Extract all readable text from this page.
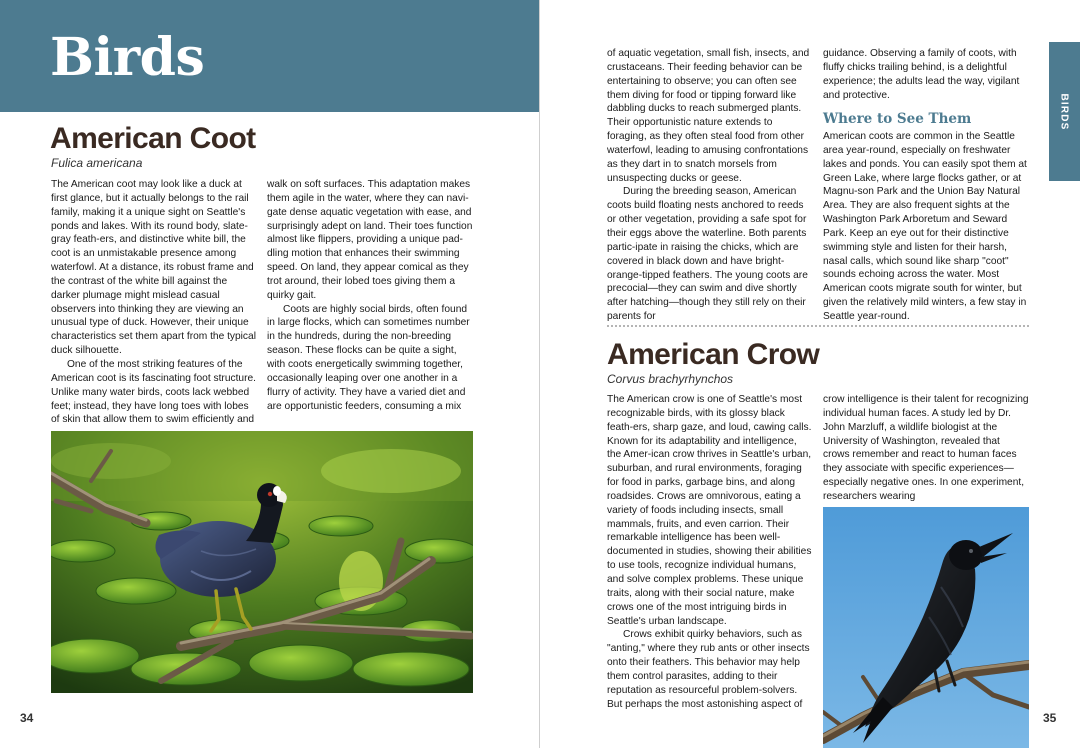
Birds
American Coot
Fulica americana

The American coot may look like a duck at first glance, but it actually belongs to the rail family, making it a unique sight on Seattle's ponds and lakes. With its round body, slate-gray feath-ers, and distinctive white bill, the coot is an unmistakable presence among waterfowl. At a distance, its robust frame and the contrast of the white bill against the darker plumage might mislead casual observers into thinking they are viewing an unusual type of duck. However, their unique characteristics set them apart from the typical duck silhouette.

One of the most striking features of the American coot is its fascinating foot structure. Unlike many water birds, coots lack webbed feet; instead, they have long toes with lobes of skin that allow them to swim efficiently and

walk on soft surfaces. This adaptation makes them agile in the water, where they can navi-gate dense aquatic vegetation with ease, and surprisingly adept on land. Their toes function almost like flippers, providing a unique pad-dling motion that enhances their swimming speed. On land, they appear comical as they trot around, their lobed toes giving them a quirky gait.

Coots are highly social birds, often found in large flocks, which can sometimes number in the hundreds, during the non-breeding season. These flocks can be quite a sight, with coots energetically swimming together, occasionally leaping over one another in a flurry of activity. They have a varied diet and are opportunistic feeders, consuming a mix

34
BIRDS

of aquatic vegetation, small fish, insects, and crustaceans. Their feeding behavior can be entertaining to observe; you can often see them diving for food or tipping forward like dabbling ducks to reach submerged plants. Their opportunistic nature extends to foraging, as they often steal food from other waterfowl, leading to amusing confrontations as they dart in to snatch morsels from unsuspecting ducks or geese.

During the breeding season, American coots build floating nests anchored to reeds or other vegetation, providing a safe spot for their eggs above the waterline. Both parents partic-ipate in raising the chicks, which are covered in black down and have bright-orange-tipped feathers. The young coots are precocial—they can swim and dive shortly after hatching—though they still rely on their parents for

guidance. Observing a family of coots, with fluffy chicks trailing behind, is a delightful experience; the adults lead the way, vigilant and protective.

Where to See Them

American coots are common in the Seattle area year-round, especially on freshwater lakes and ponds. You can easily spot them at Green Lake, where large flocks gather, or at Magnu-son Park and the Union Bay Natural Area. They are also frequent sights at the Washington Park Arboretum and Seward Park. Keep an eye out for their distinctive swimming style and listen for their harsh, nasal calls, which sound like sharp "coot" sounds echoing across the water. Most American coots migrate south for winter, but given the relatively mild winters, a few stay in Seattle year-round.

American Crow
Corvus brachyrhynchos

The American crow is one of Seattle's most recognizable birds, with its glossy black feath-ers, sharp gaze, and loud, cawing calls. Known for its adaptability and intelligence, the Amer-ican crow thrives in Seattle's urban, suburban, and rural environments, foraging for food in parks, garbage bins, and along roadsides. Crows are omnivorous, eating a variety of foods including insects, small mammals, fruits, and even carrion. Their remarkable intelligence has been well-documented in studies, showing their abilities to use tools, recognize individual humans, and solve complex problems. These unique traits, along with their social nature, make crows one of the most intriguing birds in Seattle's urban landscape.

Crows exhibit quirky behaviors, such as "anting," where they rub ants or other insects onto their feathers. This behavior may help them control parasites, adding to their reputation as resourceful problem-solvers. But perhaps the most astonishing aspect of

crow intelligence is their talent for recognizing individual human faces. A study led by Dr. John Marzluff, a wildlife biologist at the University of Washington, revealed that crows remember and react to human faces they associate with specific experiences—especially negative ones. In one experiment, researchers wearing

35
